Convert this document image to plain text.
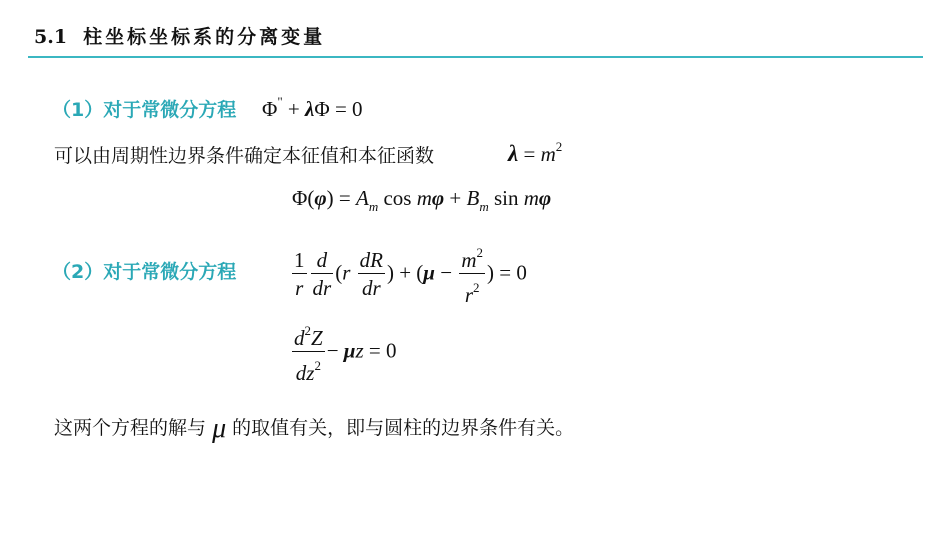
5.1 柱坐标坐标系的分离变量
（1）对于常微分方程 Φ" + λΦ = 0
可以由周期性边界条件确定本征值和本征函数	$\lambda = m^2$
$\Phi(\varphi) = A_m$ $\cos m\varphi + B_m$ sin mφ
（2）对于常微分方程	$\frac{1}{r} \frac{d}{dr} (r \frac{dR}{dr}$ ) + ($\mu - \frac{m^2}{r^2}$ ) = 0
$\frac{d^2Z}{dz^2} - \mu z = 0$
这两个方程的解与 μ 的取值有关，即与圆柱的边界条件有关。
